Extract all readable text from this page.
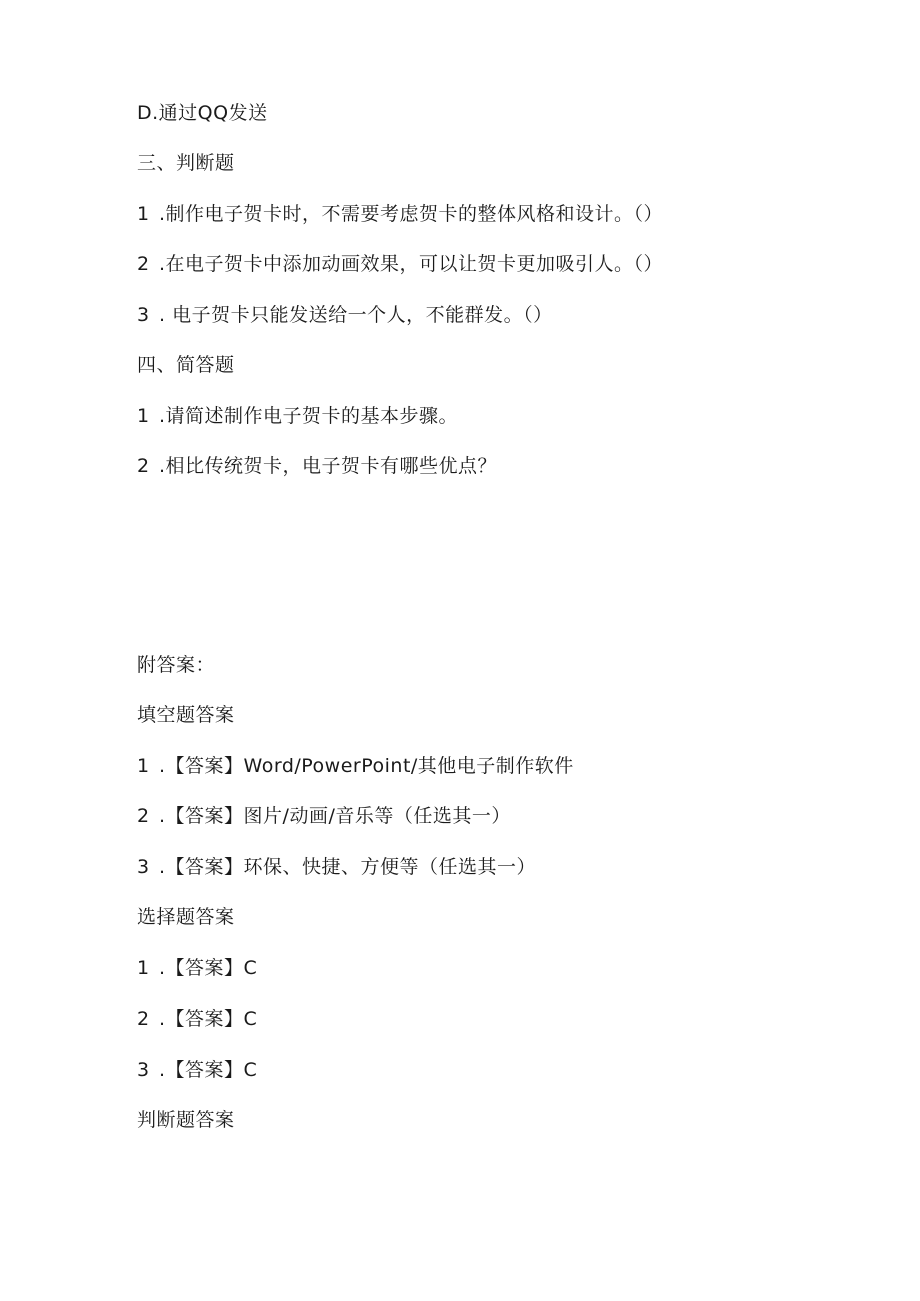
D.通过QQ发送
三、判断题
1 .制作电子贺卡时，不需要考虑贺卡的整体风格和设计。（）
2 .在电子贺卡中添加动画效果，可以让贺卡更加吸引人。（）
3 . 电子贺卡只能发送给一个人，不能群发。（）
四、简答题
1 .请简述制作电子贺卡的基本步骤。
2 .相比传统贺卡，电子贺卡有哪些优点？
附答案：
填空题答案
1 .【答案】Word/PowerPoint/其他电子制作软件
2 .【答案】图片/动画/音乐等（任选其一）
3 .【答案】环保、快捷、方便等（任选其一）
选择题答案
1 .【答案】C
2 .【答案】C
3 .【答案】C
判断题答案
